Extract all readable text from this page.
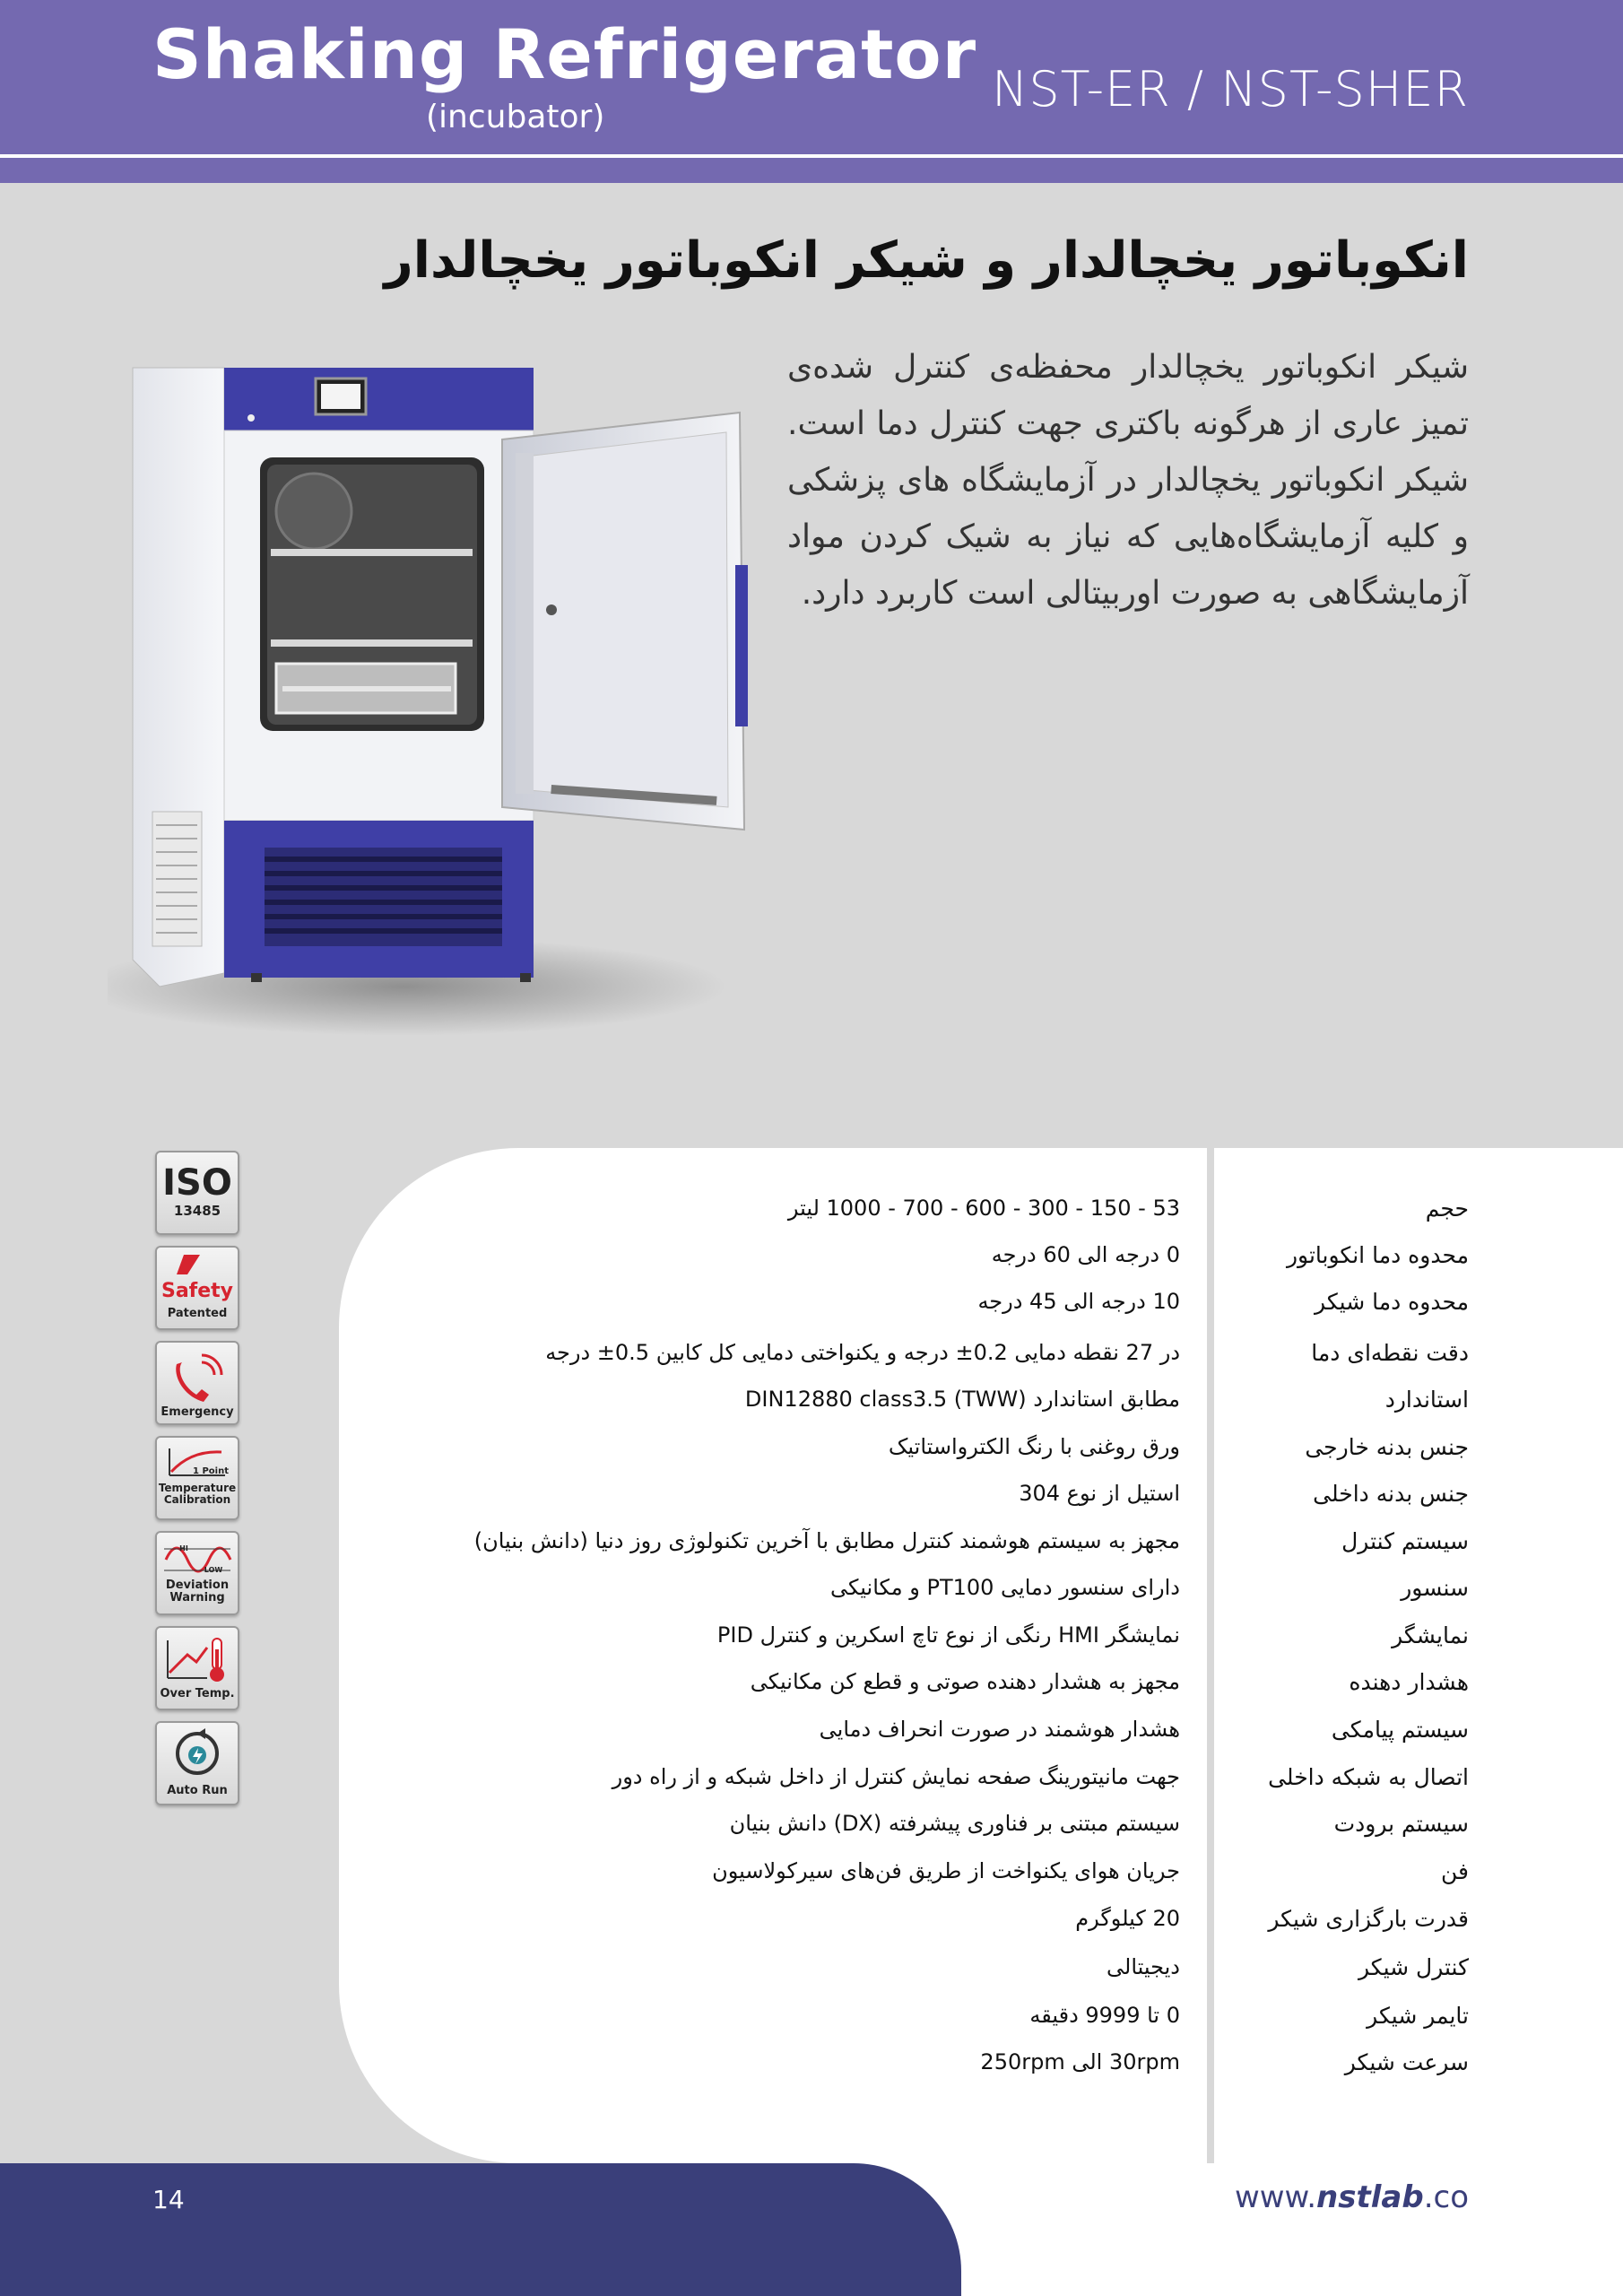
Shaking Refrigerator
(incubator)	NST-ER / NST-SHER
انکوباتور یخچالدار و شیکر انکوباتور یخچالدار
شیکر انکوباتور یخچالدار محفظه‌ی کنترل شده‌ی تمیز عاری از هرگونه باکتری جهت کنترل دما است. شیکر انکوباتور یخچالدار در آزمایشگاه های پزشکی و کلیه آزمایشگاه‌هایی که نیاز به شیک کردن مواد آزمایشگاهی به صورت اوربیتالی است کاربرد دارد.
ISO
13485
Safety
Patented
Emergency
1 Point
Temperature Calibration
HI
LOW
Deviation Warning
Over Temp.
Auto Run
حجم
53 - 150 - 300 - 600 - 700 - 1000 لیتر
محدوه دما انکوباتور
0 درجه الی 60 درجه
محدوه دما شیکر
10 درجه الی 45 درجه
دقت نقطه‌ای دما
در 27 نقطه دمایی 0.2± درجه و یکنواختی دمایی کل کابین 0.5± درجه
استاندارد
مطابق استاندارد DIN12880 class3.5 (TWW)
جنس بدنه خارجی
ورق روغنی با رنگ الکترواستاتیک
جنس بدنه داخلی
استیل از نوع 304
سیستم کنترل
مجهز به سیستم هوشمند کنترل مطابق با آخرین تکنولوژی روز دنیا (دانش بنیان)
سنسور
دارای سنسور دمایی PT100 و مکانیکی
نمایشگر
نمایشگر HMI رنگی از نوع تاچ اسکرین و کنترل PID
هشدار دهنده
مجهز به هشدار دهنده صوتی و قطع کن مکانیکی
سیستم پیامکی
هشدار هوشمند در صورت انحراف دمایی
اتصال به شبکه داخلی
جهت مانیتورینگ صفحه نمایش کنترل از داخل شبکه و از راه دور
سیستم برودت
سیستم مبتنی بر فناوری پیشرفته (DX) دانش بنیان
فن
جریان هوای یکنواخت از طریق فن‌های سیرکولاسیون
قدرت بارگزاری شیکر
20 کیلوگرم
کنترل شیکر
دیجیتالی
تایمر شیکر
0 تا 9999 دقیقه
سرعت شیکر
30rpm الی 250rpm
14	www.nstlab.co
